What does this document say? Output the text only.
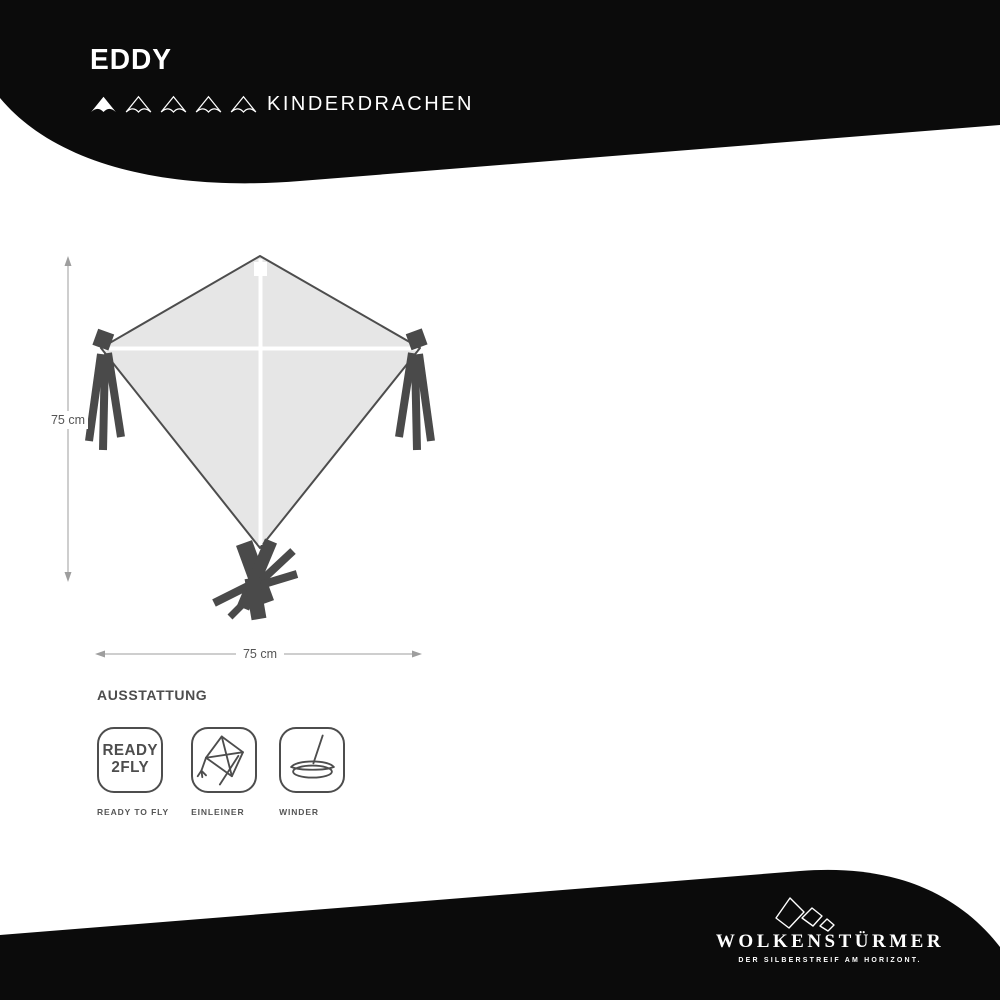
EDDY
KINDERDRACHEN
75 cm
75 cm
AUSSTATTUNG
READY
2FLY
READY TO FLY	EINLEINER	WINDER
WOLKENSTÜRMER
DER SILBERSTREIF AM HORIZONT.
